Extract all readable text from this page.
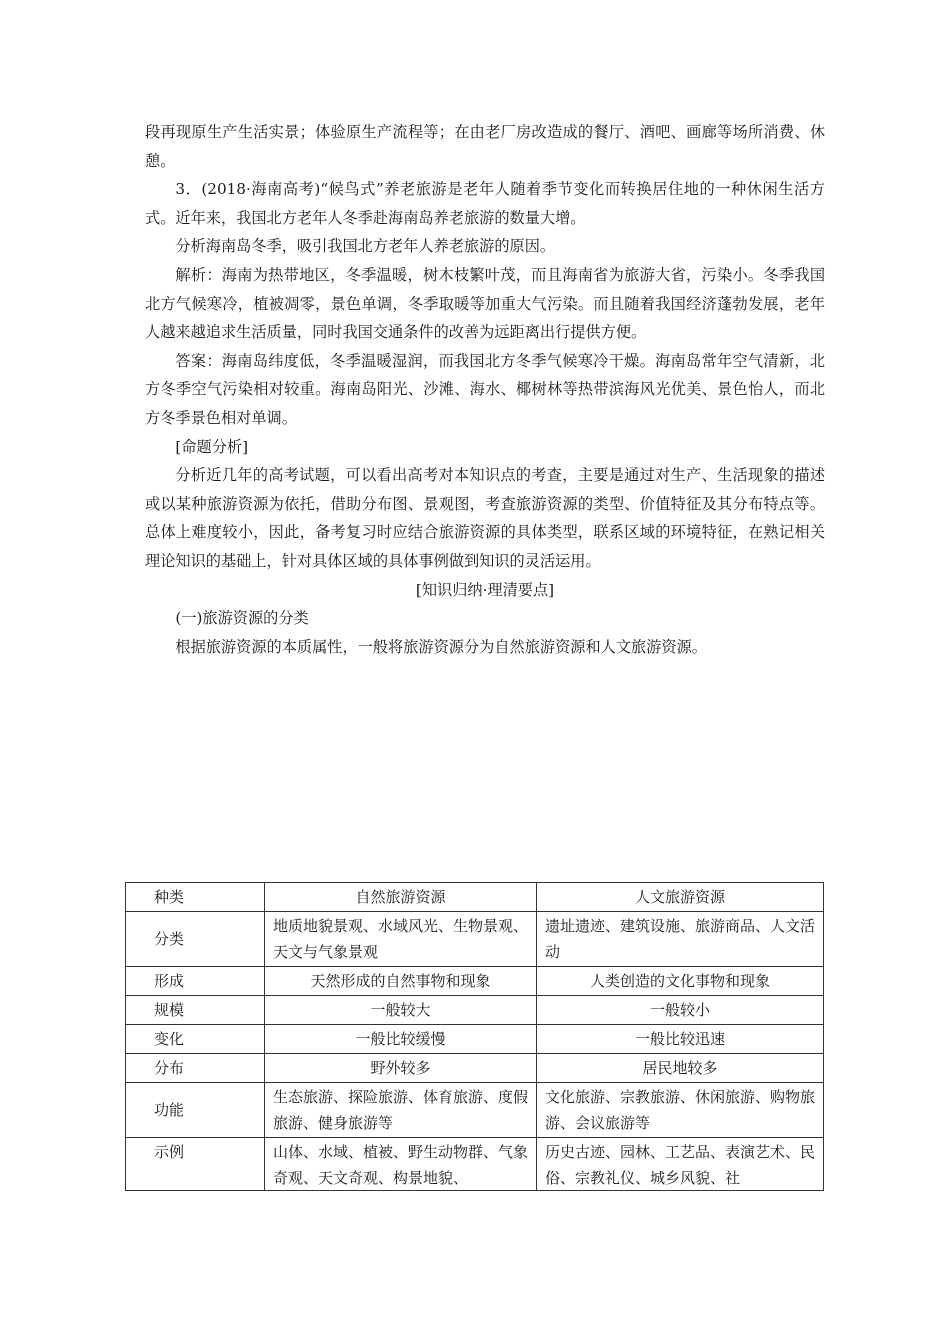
段再现原生产生活实景；体验原生产流程等；在由老厂房改造成的餐厅、酒吧、画廊等场所消费、休憩。

3．(2018·海南高考)“候鸟式”养老旅游是老年人随着季节变化而转换居住地的一种休闲生活方式。近年来，我国北方老年人冬季赴海南岛养老旅游的数量大增。

分析海南岛冬季，吸引我国北方老年人养老旅游的原因。

解析：海南为热带地区，冬季温暖，树木枝繁叶茂，而且海南省为旅游大省，污染小。冬季我国北方气候寒冷，植被凋零，景色单调，冬季取暖等加重大气污染。而且随着我国经济蓬勃发展，老年人越来越追求生活质量，同时我国交通条件的改善为远距离出行提供方便。

答案：海南岛纬度低，冬季温暖湿润，而我国北方冬季气候寒冷干燥。海南岛常年空气清新，北方冬季空气污染相对较重。海南岛阳光、沙滩、海水、椰树林等热带滨海风光优美、景色怡人，而北方冬季景色相对单调。

[命题分析]

分析近几年的高考试题，可以看出高考对本知识点的考查，主要是通过对生产、生活现象的描述或以某种旅游资源为依托，借助分布图、景观图，考查旅游资源的类型、价值特征及其分布特点等。总体上难度较小，因此，备考复习时应结合旅游资源的具体类型，联系区域的环境特征，在熟记相关理论知识的基础上，针对具体区域的具体事例做到知识的灵活运用。

[知识归纳·理清要点]

(一)旅游资源的分类

根据旅游资源的本质属性，一般将旅游资源分为自然旅游资源和人文旅游资源。

种类	自然旅游资源	人文旅游资源
分类	地质地貌景观、水域风光、生物景观、天文与气象景观	遗址遗迹、建筑设施、旅游商品、人文活动
形成	天然形成的自然事物和现象	人类创造的文化事物和现象
规模	一般较大	一般较小
变化	一般比较缓慢	一般比较迅速
分布	野外较多	居民地较多
功能	生态旅游、探险旅游、体育旅游、度假旅游、健身旅游等	文化旅游、宗教旅游、休闲旅游、购物旅游、会议旅游等

示例	山体、水域、植被、野生动物群、气象奇观、天文奇观、构景地貌、	历史古迹、园林、工艺品、表演艺术、民俗、宗教礼仪、城乡风貌、社
